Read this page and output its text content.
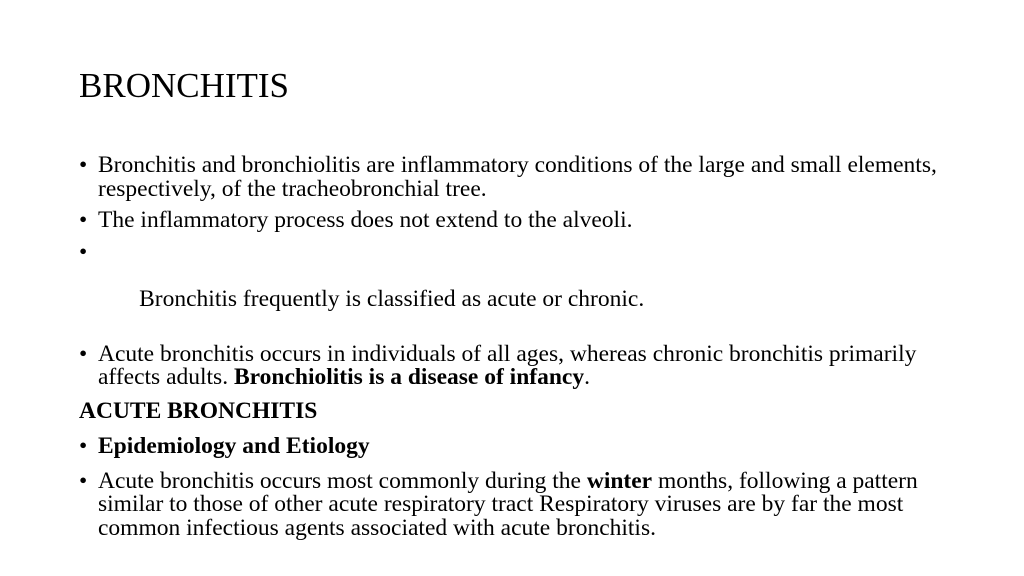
BRONCHITIS
• Bronchitis and bronchiolitis are inflammatory conditions of the large and small elements, respectively, of the tracheobronchial tree.
• The inflammatory process does not extend to the alveoli.

•

Bronchitis frequently is classified as acute or chronic.

• Acute bronchitis occurs in individuals of all ages, whereas chronic bronchitis primarily affects adults. Bronchiolitis is a disease of infancy.
ACUTE BRONCHITIS
• Epidemiology and Etiology
• Acute bronchitis occurs most commonly during the winter months, following a pattern similar to those of other acute respiratory tract Respiratory viruses are by far the most common infectious agents associated with acute bronchitis.
